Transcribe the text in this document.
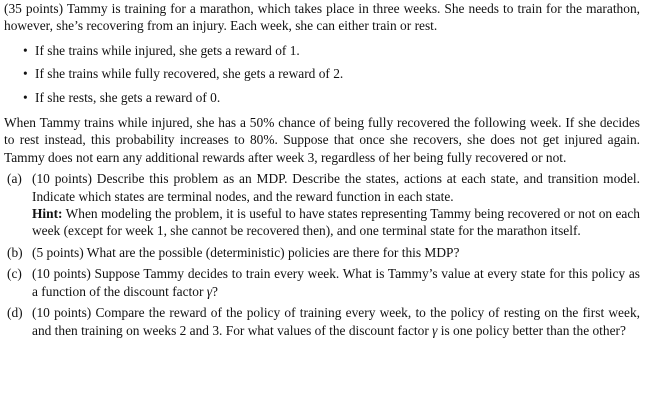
(35 points) Tammy is training for a marathon, which takes place in three weeks. She needs to train for the marathon, however, she’s recovering from an injury. Each week, she can either train or rest.

• If she trains while injured, she gets a reward of 1.
• If she trains while fully recovered, she gets a reward of 2.
• If she rests, she gets a reward of 0.

When Tammy trains while injured, she has a 50% chance of being fully recovered the following week. If she decides to rest instead, this probability increases to 80%. Suppose that once she recovers, she does not get injured again. Tammy does not earn any additional rewards after week 3, regardless of her being fully recovered or not.

(a) (10 points) Describe this problem as an MDP. Describe the states, actions at each state, and transition model. Indicate which states are terminal nodes, and the reward function in each state.
Hint: When modeling the problem, it is useful to have states representing Tammy being recovered or not on each week (except for week 1, she cannot be recovered then), and one terminal state for the marathon itself.
(b) (5 points) What are the possible (deterministic) policies are there for this MDP?
(c) (10 points) Suppose Tammy decides to train every week. What is Tammy’s value at every state for this policy as a function of the discount factor γ?
(d) (10 points) Compare the reward of the policy of training every week, to the policy of resting on the first week, and then training on weeks 2 and 3. For what values of the discount factor γ is one policy better than the other?
